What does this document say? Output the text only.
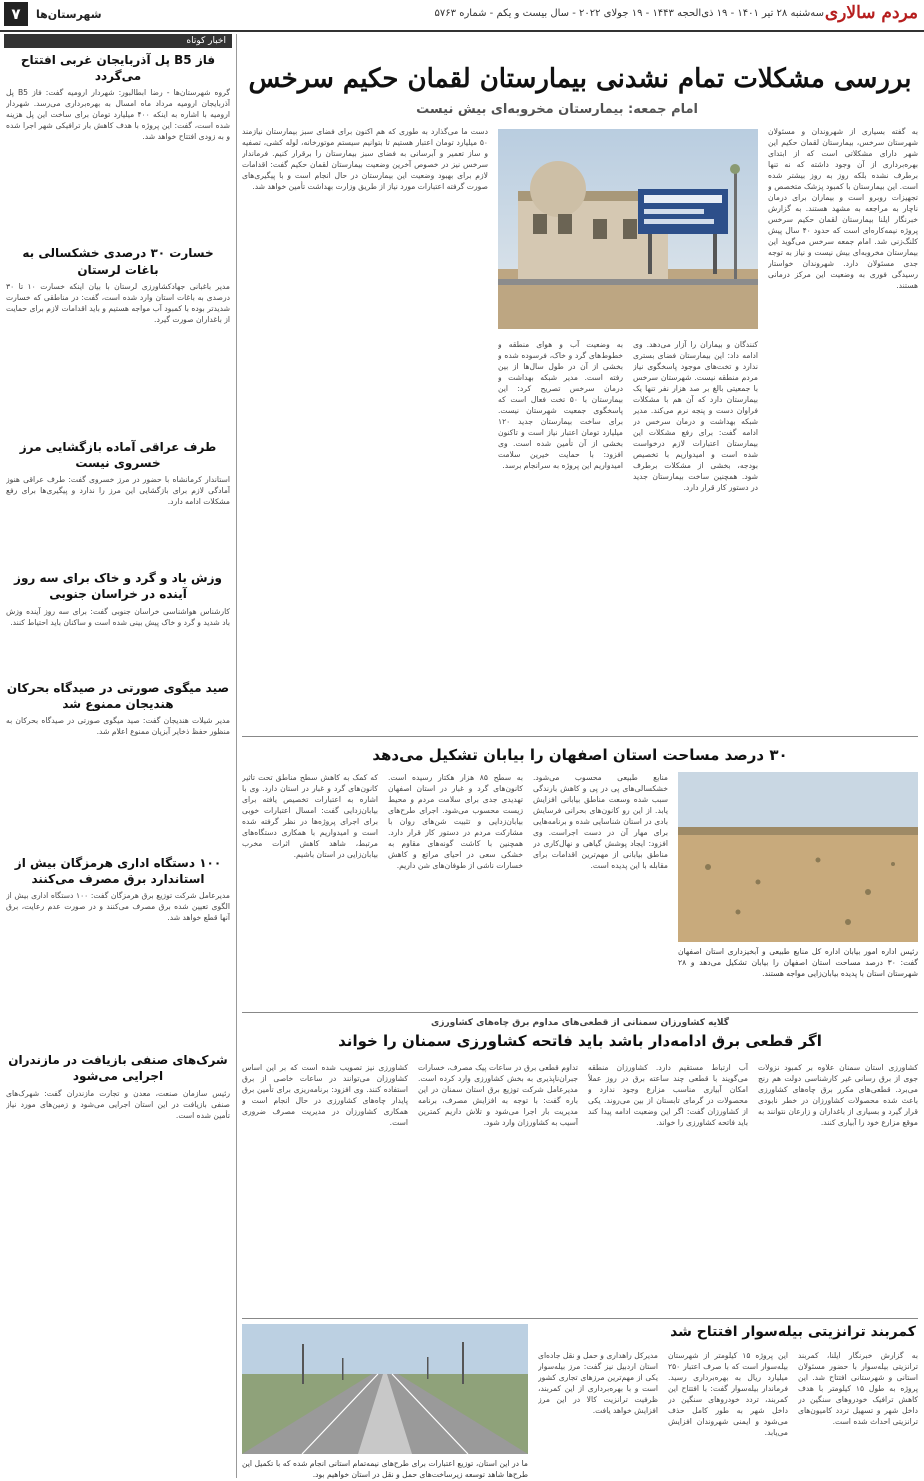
مردم سالاری
سه‌شنبه ۲۸ تیر ۱۴۰۱ - ۱۹ ذی‌الحجه ۱۴۴۳ - ۱۹ جولای ۲۰۲۲ - سال بیست و یکم - شماره ۵۷۶۳
شهرستان‌ها
۷
اخبار کوتاه
فاز B5 پل آذربایجان غربی افتتاح می‌گردد
گروه شهرستان‌ها - رضا ابطالبور: شهردار ارومیه گفت: فاز B5 پل آذربایجان ارومیه مرداد ماه امسال به بهره‌برداری می‌رسد. شهردار ارومیه با اشاره به اینکه ۴۰۰ میلیارد تومان برای ساخت این پل هزینه شده است، گفت: این پروژه با هدف کاهش بار ترافیکی شهر اجرا شده و به زودی افتتاح خواهد شد.
خسارت ۳۰ درصدی خشکسالی به باغات لرستان
مدیر باغبانی جهادکشاورزی لرستان با بیان اینکه خسارت ۱۰ تا ۳۰ درصدی به باغات استان وارد شده است، گفت: در مناطقی که خسارت شدیدتر بوده با کمبود آب مواجه هستیم و باید اقدامات لازم برای حمایت از باغداران صورت گیرد.
طرف عراقی آماده بازگشایی مرز خسروی نیست
استاندار کرمانشاه با حضور در مرز خسروی گفت: طرف عراقی هنوز آمادگی لازم برای بازگشایی این مرز را ندارد و پیگیری‌ها برای رفع مشکلات ادامه دارد.
وزش باد و گرد و خاک برای سه روز آینده در خراسان جنوبی
کارشناس هواشناسی خراسان جنوبی گفت: برای سه روز آینده وزش باد شدید و گرد و خاک پیش بینی شده است و ساکنان باید احتیاط کنند.
صید میگوی صورتی در صیدگاه بحرکان هندیجان ممنوع شد
مدیر شیلات هندیجان گفت: صید میگوی صورتی در صیدگاه بحرکان به منظور حفظ ذخایر آبزیان ممنوع اعلام شد.
۱۰۰ دستگاه اداری هرمزگان بیش از استاندارد برق مصرف می‌کنند
مدیرعامل شرکت توزیع برق هرمزگان گفت: ۱۰۰ دستگاه اداری بیش از الگوی تعیین شده برق مصرف می‌کنند و در صورت عدم رعایت، برق آنها قطع خواهد شد.
شرک‌های صنفی بازیافت در مازندران اجرایی می‌شود
رئیس سازمان صنعت، معدن و تجارت مازندران گفت: شهرک‌های صنفی بازیافت در این استان اجرایی می‌شود و زمین‌های مورد نیاز تأمین شده است.
بررسی مشکلات تمام نشدنی بیمارستان لقمان حکیم سرخس
امام جمعه: بیمارستان مخروبه‌ای بیش نیست
به گفته بسیاری از شهروندان و مسئولان شهرستان سرخس، بیمارستان لقمان حکیم این شهر دارای مشکلاتی است که از ابتدای بهره‌برداری از آن وجود داشته که نه تنها برطرف نشده بلکه روز به روز بیشتر شده است. این بیمارستان با کمبود پزشک متخصص و تجهیزات روبرو است و بیماران برای درمان ناچار به مراجعه به مشهد هستند. به گزارش خبرنگار ایلنا بیمارستان لقمان حکیم سرخس پروژه نیمه‌کاره‌ای است که حدود ۴۰ سال پیش کلنگ‌زنی شد. امام جمعه سرخس می‌گوید این بیمارستان مخروبه‌ای بیش نیست و نیاز به توجه جدی مسئولان دارد. شهروندان خواستار رسیدگی فوری به وضعیت این مرکز درمانی هستند.
کنندگان و بیماران را آزار می‌دهد. وی ادامه داد: این بیمارستان فضای بستری ندارد و تخت‌های موجود پاسخگوی نیاز مردم منطقه نیست. شهرستان سرخس با جمعیتی بالغ بر صد هزار نفر تنها یک بیمارستان دارد که آن هم با مشکلات فراوان دست و پنجه نرم می‌کند. مدیر شبکه بهداشت و درمان سرخس در ادامه گفت: برای رفع مشکلات این بیمارستان اعتبارات لازم درخواست شده است و امیدواریم با تخصیص بودجه، بخشی از مشکلات برطرف شود. همچنین ساخت بیمارستان جدید در دستور کار قرار دارد.
به وضعیت آب و هوای منطقه و خطوط‌های گرد و خاک، فرسوده شده و بخشی از آن در طول سال‌ها از بین رفته است. مدیر شبکه بهداشت و درمان سرخس تصریح کرد: این بیمارستان با ۵۰ تخت فعال است که پاسخگوی جمعیت شهرستان نیست. برای ساخت بیمارستان جدید ۱۲۰ میلیارد تومان اعتبار نیاز است و تاکنون بخشی از آن تأمین شده است. وی افزود: با حمایت خیرین سلامت امیدواریم این پروژه به سرانجام برسد.
دست ما می‌گذارد به طوری که هم اکنون برای فضای سبز بیمارستان نیازمند ۵۰ میلیارد تومان اعتبار هستیم تا بتوانیم سیستم موتورخانه، لوله کشی، تصفیه و ساز تعمیر و آبرسانی به فضای سبز بیمارستان را برقرار کنیم. فرماندار سرخس نیز در خصوص آخرین وضعیت بیمارستان لقمان حکیم گفت: اقدامات لازم برای بهبود وضعیت این بیمارستان در حال انجام است و با پیگیری‌های صورت گرفته اعتبارات مورد نیاز از طریق وزارت بهداشت تأمین خواهد شد.
۳۰ درصد مساحت استان اصفهان را بیابان تشکیل می‌دهد
رئیس اداره امور بیابان اداره کل منابع طبیعی و آبخیزداری استان اصفهان گفت: ۳۰ درصد مساحت استان اصفهان را بیابان تشکیل می‌دهد و ۲۸ شهرستان استان با پدیده بیابان‌زایی مواجه هستند.
منابع طبیعی محسوب می‌شود. خشکسالی‌های پی در پی و کاهش بارندگی سبب شده وسعت مناطق بیابانی افزایش یابد. از این رو کانون‌های بحرانی فرسایش بادی در استان شناسایی شده و برنامه‌هایی برای مهار آن در دست اجراست. وی افزود: ایجاد پوشش گیاهی و نهال‌کاری در مناطق بیابانی از مهم‌ترین اقدامات برای مقابله با این پدیده است.
به سطح ۸۵ هزار هکتار رسیده است. کانون‌های گرد و غبار در استان اصفهان تهدیدی جدی برای سلامت مردم و محیط زیست محسوب می‌شود. اجرای طرح‌های بیابان‌زدایی و تثبیت شن‌های روان با مشارکت مردم در دستور کار قرار دارد. همچنین با کاشت گونه‌های مقاوم به خشکی سعی در احیای مراتع و کاهش خسارات ناشی از طوفان‌های شن داریم.
که کمک به کاهش سطح مناطق تحت تاثیر کانون‌های گرد و غبار در استان دارد. وی با اشاره به اعتبارات تخصیص یافته برای بیابان‌زدایی گفت: امسال اعتبارات خوبی برای اجرای پروژه‌ها در نظر گرفته شده است و امیدواریم با همکاری دستگاه‌های مرتبط، شاهد کاهش اثرات مخرب بیابان‌زایی در استان باشیم.
گلایه کشاورزان سمنانی از قطعی‌های مداوم برق چاه‌های کشاورزی
اگر قطعی برق ادامه‌دار باشد باید فاتحه کشاورزی سمنان را خواند
کشاورزی استان سمنان علاوه بر کمبود نزولات جوی از برق رسانی غیر کارشناسی دولت هم رنج می‌برد. قطعی‌های مکرر برق چاه‌های کشاورزی باعث شده محصولات کشاورزان در خطر نابودی قرار گیرد و بسیاری از باغداران و زارعان نتوانند به موقع مزارع خود را آبیاری کنند.
آب ارتباط مستقیم دارد. کشاورزان منطقه می‌گویند با قطعی چند ساعته برق در روز عملاً امکان آبیاری مناسب مزارع وجود ندارد و محصولات در گرمای تابستان از بین می‌روند. یکی از کشاورزان گفت: اگر این وضعیت ادامه پیدا کند باید فاتحه کشاورزی را خواند.
تداوم قطعی برق در ساعات پیک مصرف، خسارات جبران‌ناپذیری به بخش کشاورزی وارد کرده است. مدیرعامل شرکت توزیع برق استان سمنان در این باره گفت: با توجه به افزایش مصرف، برنامه مدیریت بار اجرا می‌شود و تلاش داریم کمترین آسیب به کشاورزان وارد شود.
کشاورزی نیز تصویب شده است که بر این اساس کشاورزان می‌توانند در ساعات خاصی از برق استفاده کنند. وی افزود: برنامه‌ریزی برای تأمین برق پایدار چاه‌های کشاورزی در حال انجام است و همکاری کشاورزان در مدیریت مصرف ضروری است.
کمربند ترانزیتی بیله‌سوار افتتاح شد
به گزارش خبرنگار ایلنا، کمربند ترانزیتی بیله‌سوار با حضور مسئولان استانی و شهرستانی افتتاح شد. این پروژه به طول ۱۵ کیلومتر با هدف کاهش ترافیک خودروهای سنگین در داخل شهر و تسهیل تردد کامیون‌های ترانزیتی احداث شده است.
این پروژه ۱۵ کیلومتر از شهرستان بیله‌سوار است که با صرف اعتبار ۲۵۰ میلیارد ریال به بهره‌برداری رسید. فرماندار بیله‌سوار گفت: با افتتاح این کمربند، تردد خودروهای سنگین در داخل شهر به طور کامل حذف می‌شود و ایمنی شهروندان افزایش می‌یابد.
مدیرکل راهداری و حمل و نقل جاده‌ای استان اردبیل نیز گفت: مرز بیله‌سوار یکی از مهم‌ترین مرزهای تجاری کشور است و با بهره‌برداری از این کمربند، ظرفیت ترانزیت کالا در این مرز افزایش خواهد یافت.
ما در این استان، توزیع اعتبارات برای طرح‌های نیمه‌تمام استانی انجام شده که با تکمیل این طرح‌ها شاهد توسعه زیرساخت‌های حمل و نقل در استان خواهیم بود.
